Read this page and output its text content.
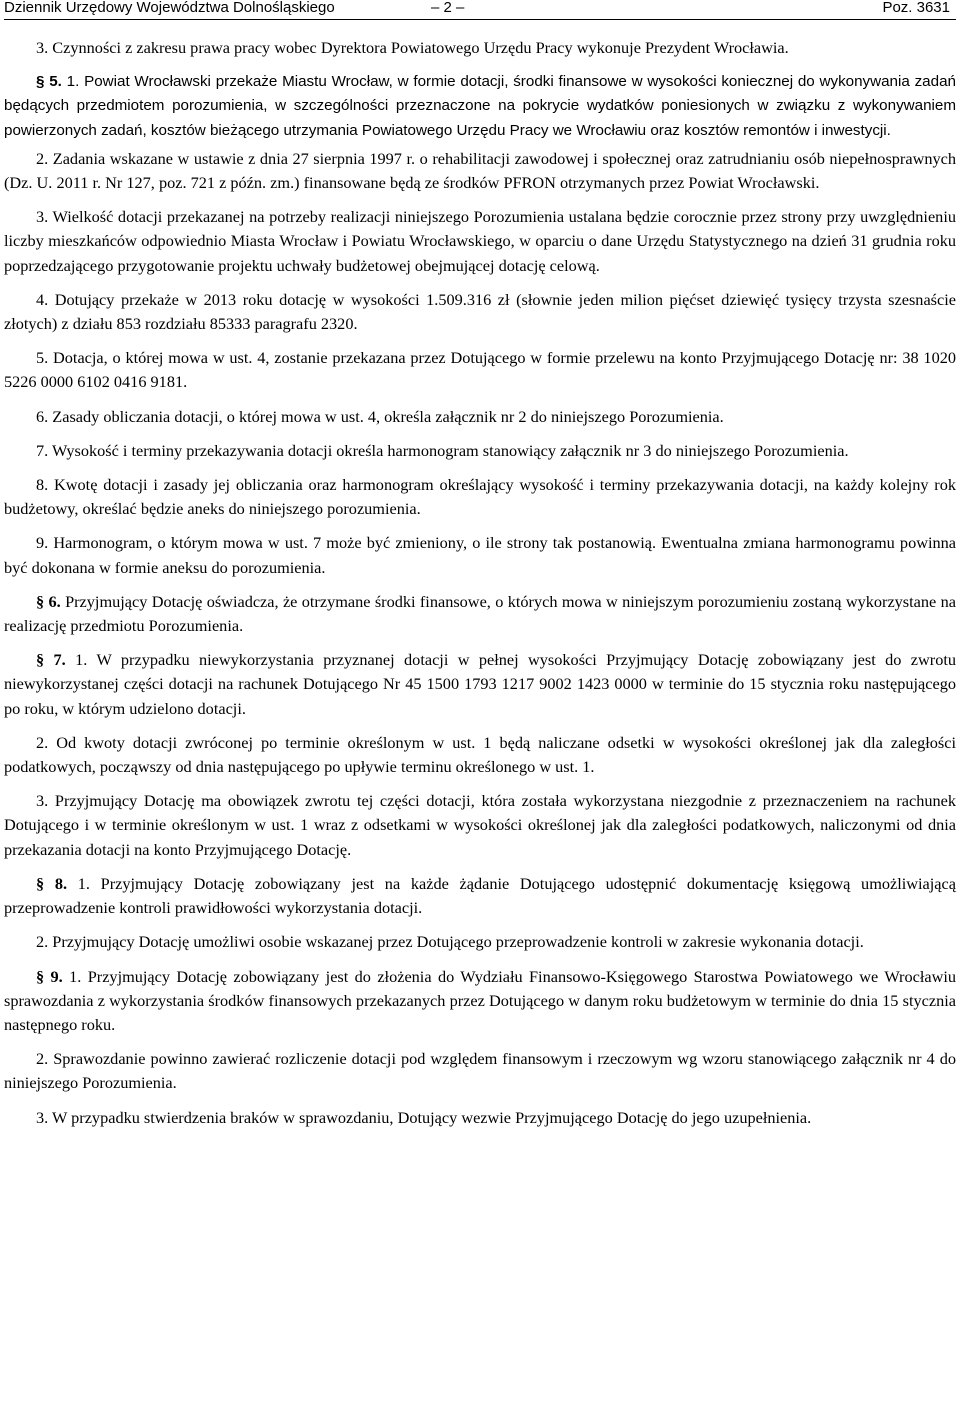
Dziennik Urzędowy Województwa Dolnośląskiego	– 2 –	Poz. 3631

3. Czynności z zakresu prawa pracy wobec Dyrektora Powiatowego Urzędu Pracy wykonuje Prezydent Wrocławia.

§ 5. 1. Powiat Wrocławski przekaże Miastu Wrocław, w formie dotacji, środki finansowe w wysokości koniecznej do wykonywania zadań będących przedmiotem porozumienia, w szczególności przeznaczone na pokrycie wydatków poniesionych w związku z wykonywaniem powierzonych zadań, kosztów bieżącego utrzymania Powiatowego Urzędu Pracy we Wrocławiu oraz kosztów remontów i inwestycji.

2. Zadania wskazane w ustawie z dnia 27 sierpnia 1997 r. o rehabilitacji zawodowej i społecznej oraz zatrudnianiu osób niepełnosprawnych (Dz. U. 2011 r. Nr 127, poz. 721 z późn. zm.) finansowane będą ze środków PFRON otrzymanych przez Powiat Wrocławski.

3. Wielkość dotacji przekazanej na potrzeby realizacji niniejszego Porozumienia ustalana będzie corocznie przez strony przy uwzględnieniu liczby mieszkańców odpowiednio Miasta Wrocław i Powiatu Wrocławskiego, w oparciu o dane Urzędu Statystycznego na dzień 31 grudnia roku poprzedzającego przygotowanie projektu uchwały budżetowej obejmującej dotację celową.

4. Dotujący przekaże w 2013 roku dotację w wysokości 1.509.316 zł (słownie jeden milion pięćset dziewięć tysięcy trzysta szesnaście złotych) z działu 853 rozdziału 85333 paragrafu 2320.

5. Dotacja, o której mowa w ust. 4, zostanie przekazana przez Dotującego w formie przelewu na konto Przyjmującego Dotację nr: 38 1020 5226 0000 6102 0416 9181.

6. Zasady obliczania dotacji, o której mowa w ust. 4, określa załącznik nr 2 do niniejszego Porozumienia.

7. Wysokość i terminy przekazywania dotacji określa harmonogram stanowiący załącznik nr 3 do niniejszego Porozumienia.

8. Kwotę dotacji i zasady jej obliczania oraz harmonogram określający wysokość i terminy przekazywania dotacji, na każdy kolejny rok budżetowy, określać będzie aneks do niniejszego porozumienia.

9. Harmonogram, o którym mowa w ust. 7 może być zmieniony, o ile strony tak postanowią. Ewentualna zmiana harmonogramu powinna być dokonana w formie aneksu do porozumienia.

§ 6. Przyjmujący Dotację oświadcza, że otrzymane środki finansowe, o których mowa w niniejszym porozumieniu zostaną wykorzystane na realizację przedmiotu Porozumienia.

§ 7. 1. W przypadku niewykorzystania przyznanej dotacji w pełnej wysokości Przyjmujący Dotację zobowiązany jest do zwrotu niewykorzystanej części dotacji na rachunek Dotującego Nr 45 1500 1793 1217 9002 1423 0000 w terminie do 15 stycznia roku następującego po roku, w którym udzielono dotacji.

2. Od kwoty dotacji zwróconej po terminie określonym w ust. 1 będą naliczane odsetki w wysokości określonej jak dla zaległości podatkowych, począwszy od dnia następującego po upływie terminu określonego w ust. 1.

3. Przyjmujący Dotację ma obowiązek zwrotu tej części dotacji, która została wykorzystana niezgodnie z przeznaczeniem na rachunek Dotującego i w terminie określonym w ust. 1 wraz z odsetkami w wysokości określonej jak dla zaległości podatkowych, naliczonymi od dnia przekazania dotacji na konto Przyjmującego Dotację.

§ 8. 1. Przyjmujący Dotację zobowiązany jest na każde żądanie Dotującego udostępnić dokumentację księgową umożliwiającą przeprowadzenie kontroli prawidłowości wykorzystania dotacji.

2. Przyjmujący Dotację umożliwi osobie wskazanej przez Dotującego przeprowadzenie kontroli w zakresie wykonania dotacji.

§ 9. 1. Przyjmujący Dotację zobowiązany jest do złożenia do Wydziału Finansowo-Księgowego Starostwa Powiatowego we Wrocławiu sprawozdania z wykorzystania środków finansowych przekazanych przez Dotującego w danym roku budżetowym w terminie do dnia 15 stycznia następnego roku.

2. Sprawozdanie powinno zawierać rozliczenie dotacji pod względem finansowym i rzeczowym wg wzoru stanowiącego załącznik nr 4 do niniejszego Porozumienia.

3. W przypadku stwierdzenia braków w sprawozdaniu, Dotujący wezwie Przyjmującego Dotację do jego uzupełnienia.
